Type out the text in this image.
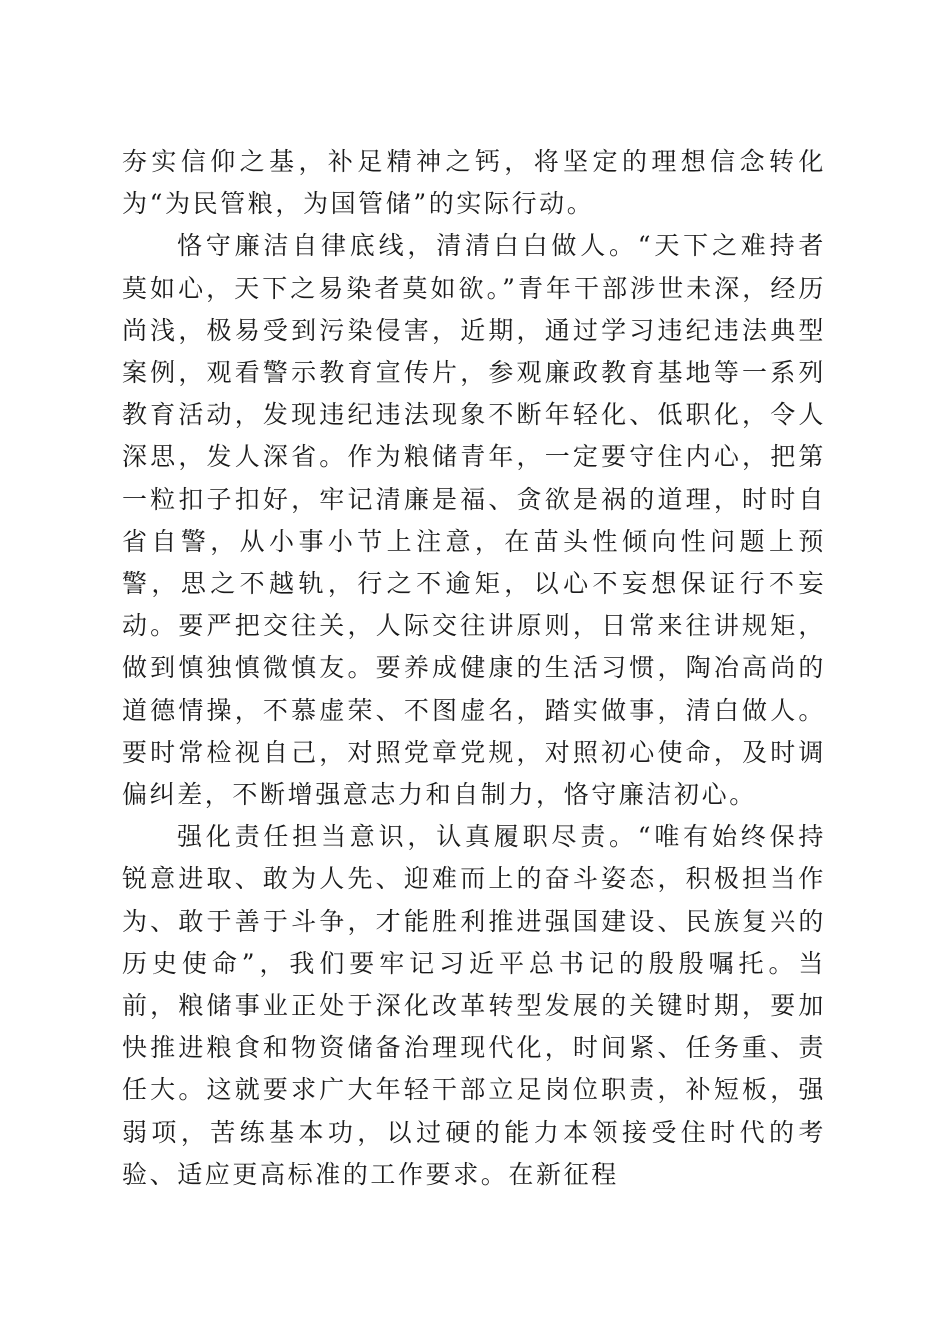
夯实信仰之基，补足精神之钙，将坚定的理想信念转化为“为民管粮，为国管储”的实际行动。

恪守廉洁自律底线，清清白白做人。“天下之难持者莫如心，天下之易染者莫如欲。”青年干部涉世未深，经历尚浅，极易受到污染侵害，近期，通过学习违纪违法典型案例，观看警示教育宣传片，参观廉政教育基地等一系列教育活动，发现违纪违法现象不断年轻化、低职化，令人深思，发人深省。作为粮储青年，一定要守住内心，把第一粒扣子扣好，牢记清廉是福、贪欲是祸的道理，时时自省自警，从小事小节上注意，在苗头性倾向性问题上预警，思之不越轨，行之不逾矩，以心不妄想保证行不妄动。要严把交往关，人际交往讲原则，日常来往讲规矩，做到慎独慎微慎友。要养成健康的生活习惯，陶冶高尚的道德情操，不慕虚荣、不图虚名，踏实做事，清白做人。要时常检视自己，对照党章党规，对照初心使命，及时调偏纠差，不断增强意志力和自制力，恪守廉洁初心。

强化责任担当意识，认真履职尽责。“唯有始终保持锐意进取、敢为人先、迎难而上的奋斗姿态，积极担当作为、敢于善于斗争，才能胜利推进强国建设、民族复兴的历史使命”，我们要牢记习近平总书记的殷殷嘱托。当前，粮储事业正处于深化改革转型发展的关键时期，要加快推进粮食和物资储备治理现代化，时间紧、任务重、责任大。这就要求广大年轻干部立足岗位职责，补短板，强弱项，苦练基本功，以过硬的能力本领接受住时代的考验、适应更高标准的工作要求。在新征程
